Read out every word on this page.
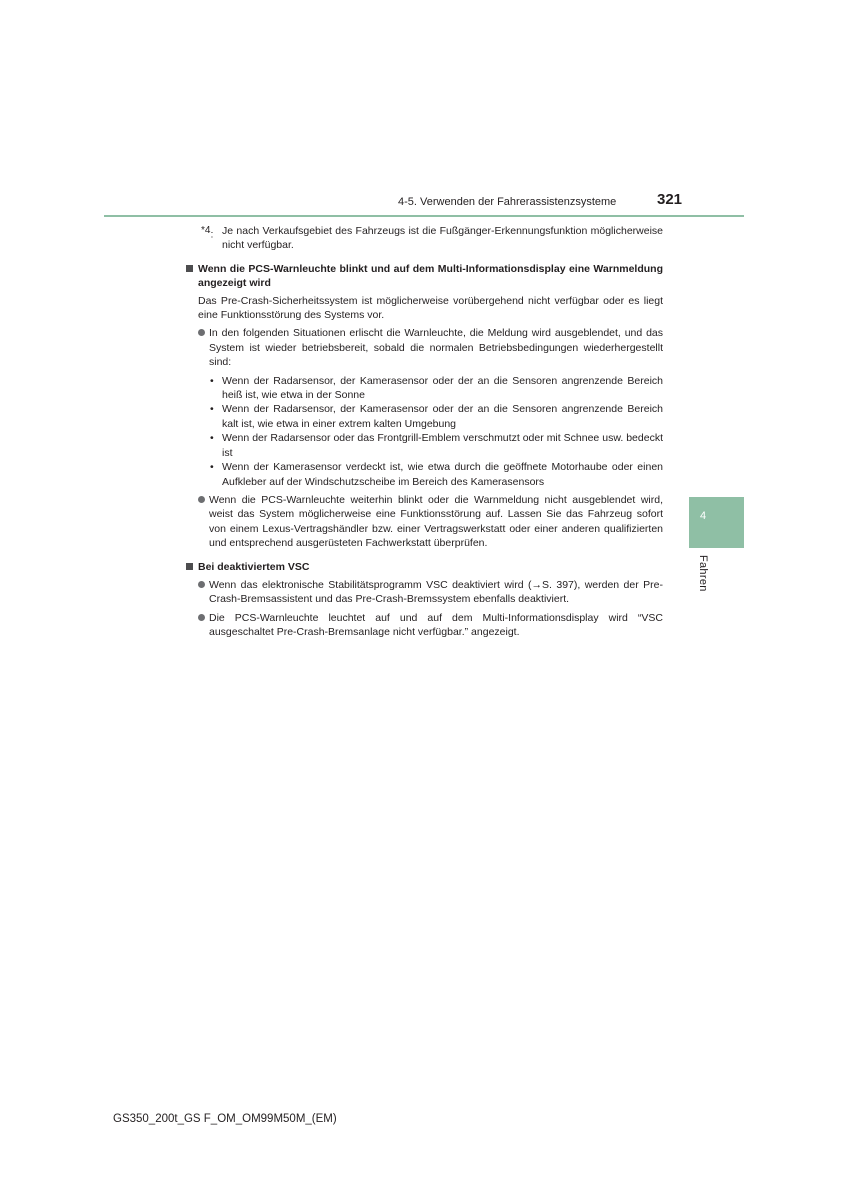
4-5. Verwenden der Fahrerassistenzsysteme	321
4
Fahren
$^{*4}$: Je nach Verkaufsgebiet des Fahrzeugs ist die Fußgänger-Erkennungsfunktion möglicherweise nicht verfügbar.
Wenn die PCS-Warnleuchte blinkt und auf dem Multi-Informationsdisplay eine Warnmeldung angezeigt wird
Das Pre-Crash-Sicherheitssystem ist möglicherweise vorübergehend nicht verfügbar oder es liegt eine Funktionsstörung des Systems vor.
In den folgenden Situationen erlischt die Warnleuchte, die Meldung wird ausgeblendet, und das System ist wieder betriebsbereit, sobald die normalen Betriebsbedingungen wiederhergestellt sind:
• Wenn der Radarsensor, der Kamerasensor oder der an die Sensoren angrenzende Bereich heiß ist, wie etwa in der Sonne
• Wenn der Radarsensor, der Kamerasensor oder der an die Sensoren angrenzende Bereich kalt ist, wie etwa in einer extrem kalten Umgebung
• Wenn der Radarsensor oder das Frontgrill-Emblem verschmutzt oder mit Schnee usw. bedeckt ist
• Wenn der Kamerasensor verdeckt ist, wie etwa durch die geöffnete Motorhaube oder einen Aufkleber auf der Windschutzscheibe im Bereich des Kamerasensors
Wenn die PCS-Warnleuchte weiterhin blinkt oder die Warnmeldung nicht ausgeblendet wird, weist das System möglicherweise eine Funktionsstörung auf. Lassen Sie das Fahrzeug sofort von einem Lexus-Vertragshändler bzw. einer Vertragswerkstatt oder einer anderen qualifizierten und entsprechend ausgerüsteten Fachwerkstatt überprüfen.
Bei deaktiviertem VSC
Wenn das elektronische Stabilitätsprogramm VSC deaktiviert wird (→S. 397), werden der Pre-Crash-Bremsassistent und das Pre-Crash-Bremssystem ebenfalls deaktiviert.
Die PCS-Warnleuchte leuchtet auf und auf dem Multi-Informationsdisplay wird “VSC ausgeschaltet Pre-Crash-Bremsanlage nicht verfügbar.” angezeigt.
GS350_200t_GS F_OM_OM99M50M_(EM)
